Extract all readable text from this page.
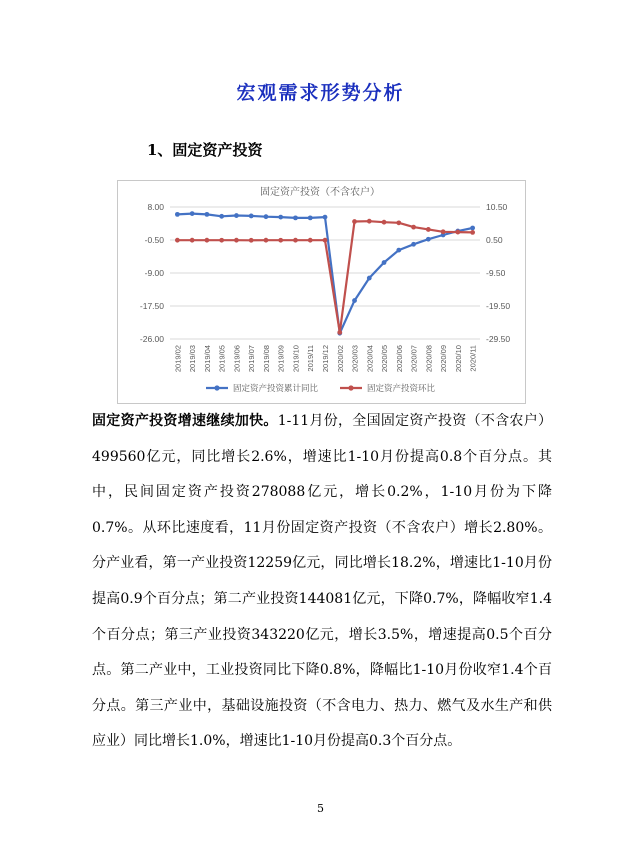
宏观需求形势分析
1、固定资产投资
固定资产投资（不含农户）
8.00
-0.50
-9.00
-17.50
-26.00
10.50
0.50
-9.50
-19.50
-29.50
2019/02 2019/03 2019/04 2019/05 2019/06 2019/07 2019/08 2019/09 2019/10 2019/11 2019/12 2020/02 2020/03 2020/04 2020/05 2020/06 2020/07 2020/08 2020/09 2020/10 2020/11
固定资产投资累计同比	固定资产投资环比
固定资产投资增速继续加快。1-11月份，全国固定资产投资（不含农户）499560亿元，同比增长2.6%，增速比1-10月份提高0.8个百分点。其中，民间固定资产投资278088亿元，增长0.2%，1-10月份为下降0.7%。从环比速度看，11月份固定资产投资（不含农户）增长2.80%。分产业看，第一产业投资12259亿元，同比增长18.2%，增速比1-10月份提高0.9个百分点；第二产业投资144081亿元，下降0.7%，降幅收窄1.4个百分点；第三产业投资343220亿元，增长3.5%，增速提高0.5个百分点。第二产业中，工业投资同比下降0.8%，降幅比1-10月份收窄1.4个百分点。第三产业中，基础设施投资（不含电力、热力、燃气及水生产和供应业）同比增长1.0%，增速比1-10月份提高0.3个百分点。
5
